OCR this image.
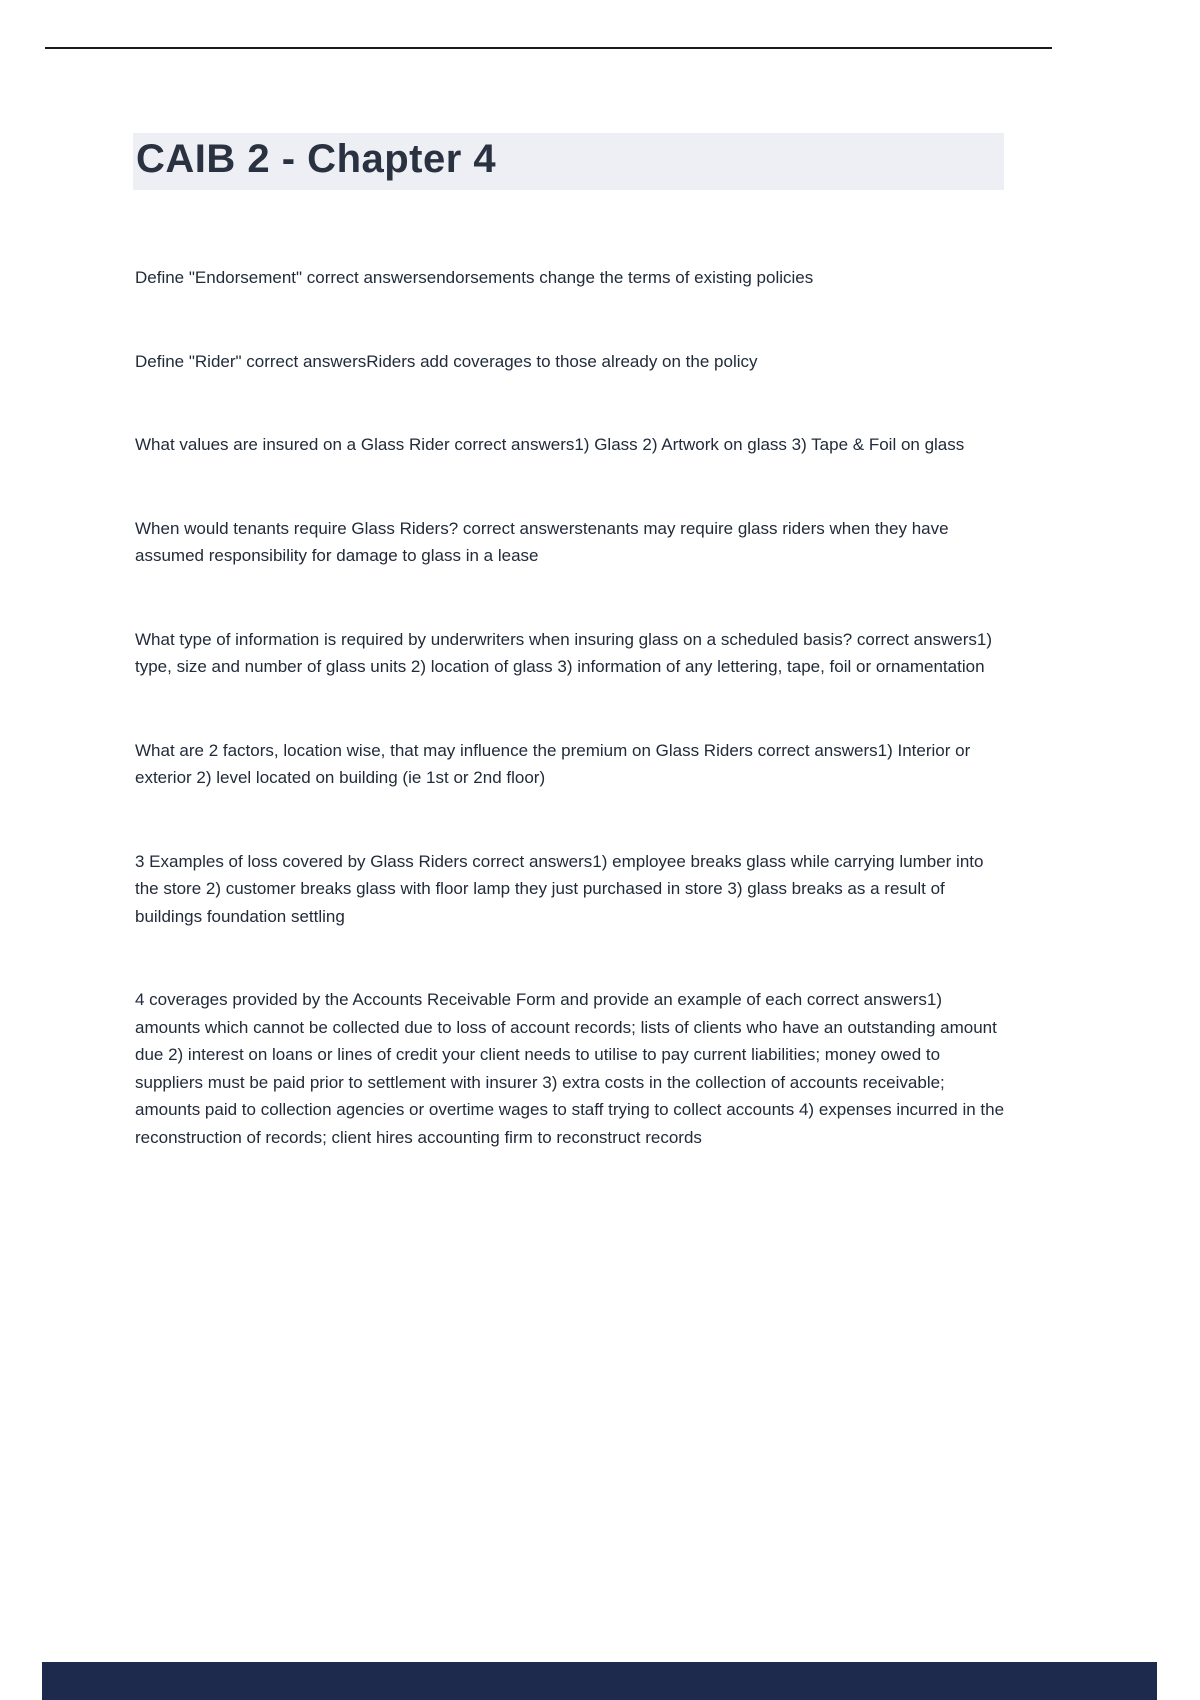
CAIB 2 - Chapter 4

Define "Endorsement" correct answersendorsements change the terms of existing policies

Define "Rider" correct answersRiders add coverages to those already on the policy

What values are insured on a Glass Rider correct answers1) Glass 2) Artwork on glass 3) Tape & Foil on glass

When would tenants require Glass Riders? correct answerstenants may require glass riders when they have assumed responsibility for damage to glass in a lease

What type of information is required by underwriters when insuring glass on a scheduled basis? correct answers1) type, size and number of glass units 2) location of glass 3) information of any lettering, tape, foil or ornamentation

What are 2 factors, location wise, that may influence the premium on Glass Riders correct answers1) Interior or exterior 2) level located on building (ie 1st or 2nd floor)

3 Examples of loss covered by Glass Riders correct answers1) employee breaks glass while carrying lumber into the store 2) customer breaks glass with floor lamp they just purchased in store 3) glass breaks as a result of buildings foundation settling

4 coverages provided by the Accounts Receivable Form and provide an example of each correct answers1) amounts which cannot be collected due to loss of account records; lists of clients who have an outstanding amount due 2) interest on loans or lines of credit your client needs to utilise to pay current liabilities; money owed to suppliers must be paid prior to settlement with insurer 3) extra costs in the collection of accounts receivable; amounts paid to collection agencies or overtime wages to staff trying to collect accounts 4) expenses incurred in the reconstruction of records; client hires accounting firm to reconstruct records
